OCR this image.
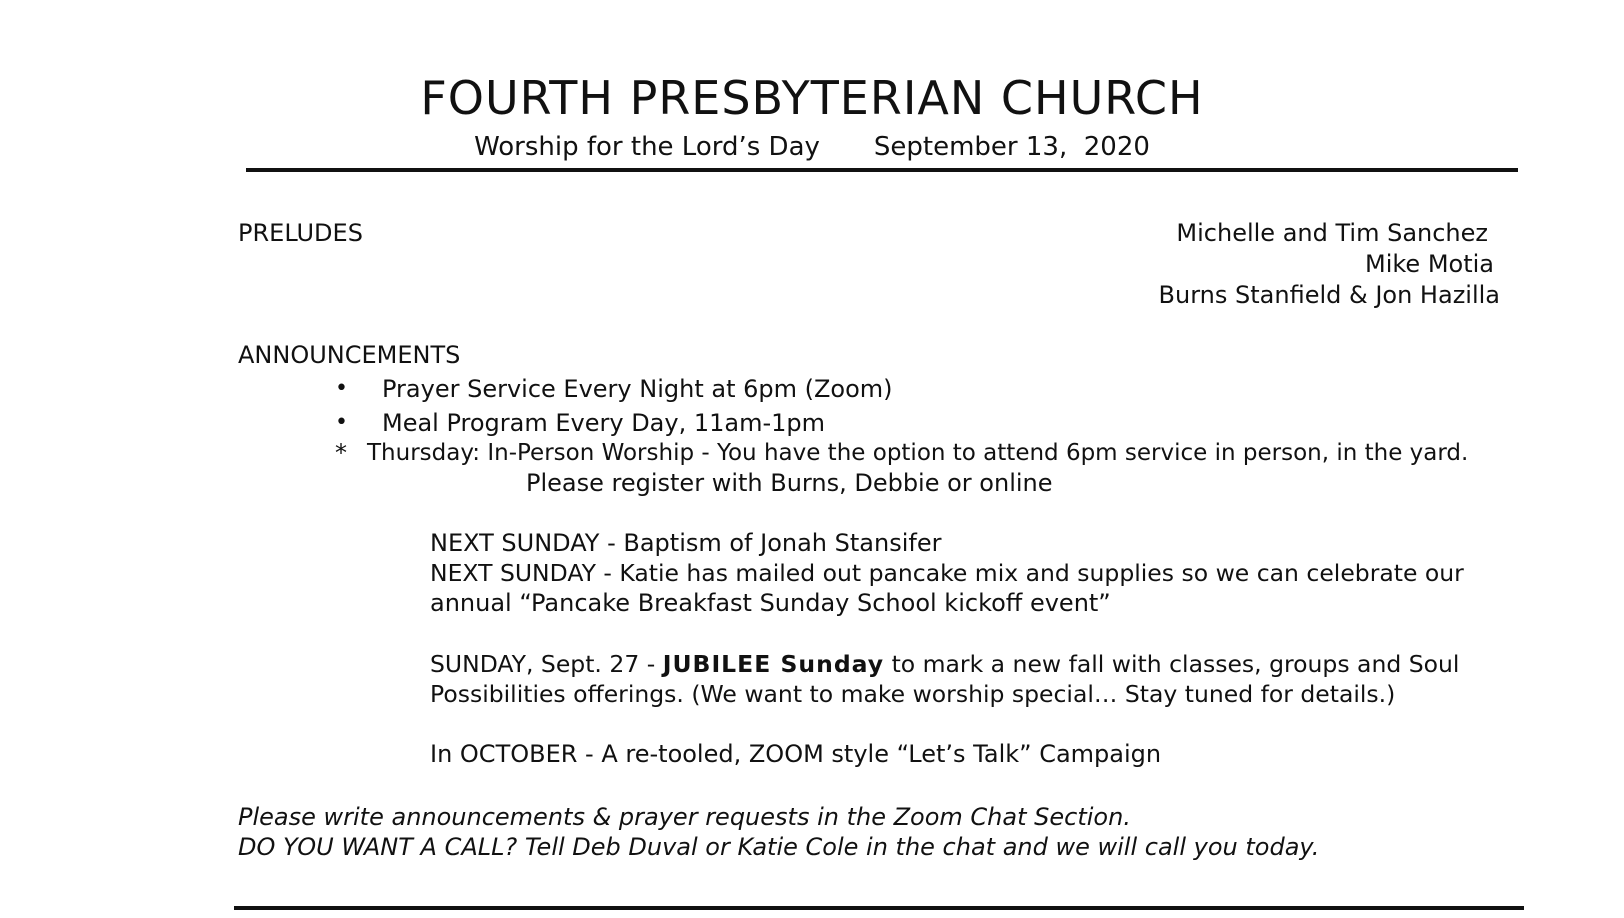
FOURTH PRESBYTERIAN CHURCH
Worship for the Lord’s Day September 13,  2020
PRELUDES	Michelle and Tim Sanchez
Mike Motia
Burns Stanfield & Jon Hazilla
ANNOUNCEMENTS
• Prayer Service Every Night at 6pm (Zoom)
• Meal Program Every Day, 11am-1pm
* Thursday: In-Person Worship - You have the option to attend 6pm service in person, in the yard.
Please register with Burns, Debbie or online
NEXT SUNDAY - Baptism of Jonah Stansifer
NEXT SUNDAY - Katie has mailed out pancake mix and supplies so we can celebrate our
annual “Pancake Breakfast Sunday School kickoff event”
SUNDAY, Sept. 27 - JUBILEE Sunday to mark a new fall with classes, groups and Soul
Possibilities offerings. (We want to make worship special… Stay tuned for details.)
In OCTOBER - A re-tooled, ZOOM style “Let’s Talk” Campaign
Please write announcements & prayer requests in the Zoom Chat Section.
DO YOU WANT A CALL? Tell Deb Duval or Katie Cole in the chat and we will call you today.
